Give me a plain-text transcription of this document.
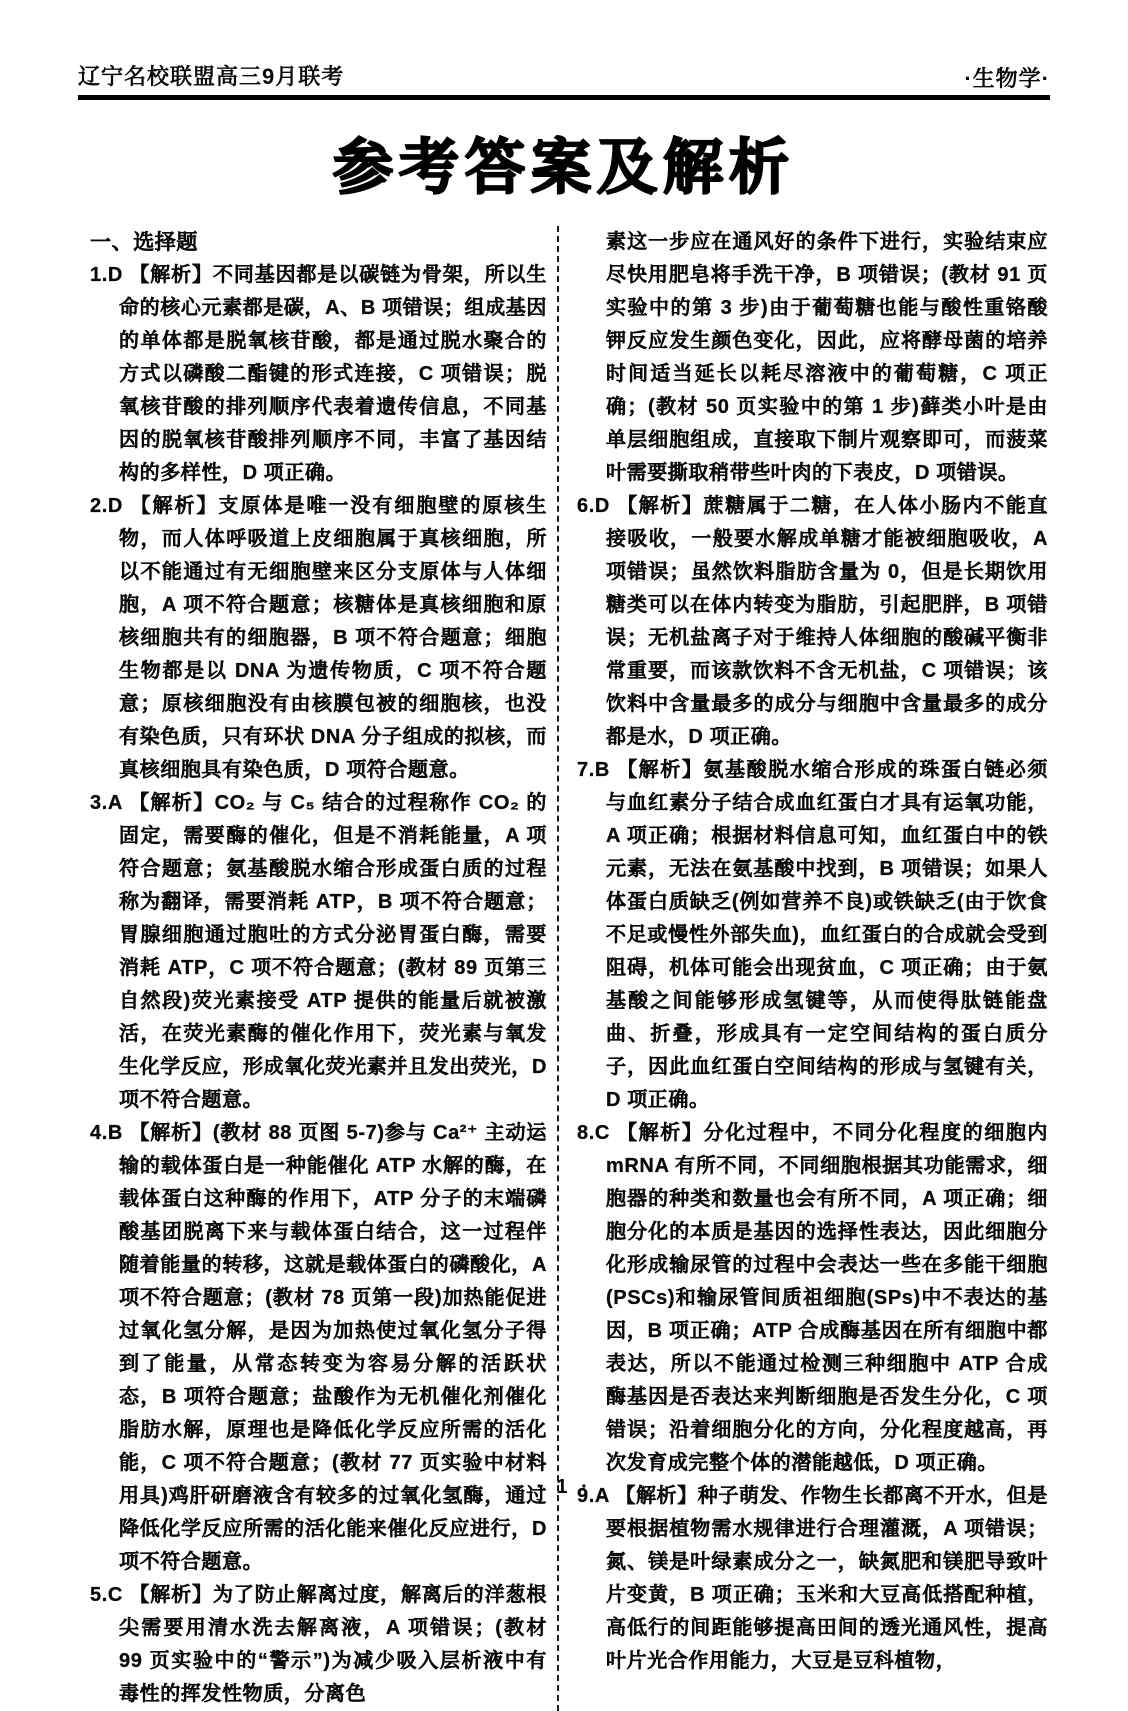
辽宁名校联盟高三9月联考	·生物学·
参考答案及解析

一、选择题

1.D 【解析】不同基因都是以碳链为骨架，所以生命的核心元素都是碳，A、B 项错误；组成基因的单体都是脱氧核苷酸，都是通过脱水聚合的方式以磷酸二酯键的形式连接，C 项错误；脱氧核苷酸的排列顺序代表着遗传信息，不同基因的脱氧核苷酸排列顺序不同，丰富了基因结构的多样性，D 项正确。

2.D 【解析】支原体是唯一没有细胞壁的原核生物，而人体呼吸道上皮细胞属于真核细胞，所以不能通过有无细胞壁来区分支原体与人体细胞，A 项不符合题意；核糖体是真核细胞和原核细胞共有的细胞器，B 项不符合题意；细胞生物都是以 DNA 为遗传物质，C 项不符合题意；原核细胞没有由核膜包被的细胞核，也没有染色质，只有环状 DNA 分子组成的拟核，而真核细胞具有染色质，D 项符合题意。

3.A 【解析】CO₂ 与 C₅ 结合的过程称作 CO₂ 的固定，需要酶的催化，但是不消耗能量，A 项符合题意；氨基酸脱水缩合形成蛋白质的过程称为翻译，需要消耗 ATP，B 项不符合题意；胃腺细胞通过胞吐的方式分泌胃蛋白酶，需要消耗 ATP，C 项不符合题意；(教材 89 页第三自然段)荧光素接受 ATP 提供的能量后就被激活，在荧光素酶的催化作用下，荧光素与氧发生化学反应，形成氧化荧光素并且发出荧光，D 项不符合题意。

4.B 【解析】(教材 88 页图 5-7)参与 Ca²⁺ 主动运输的载体蛋白是一种能催化 ATP 水解的酶，在载体蛋白这种酶的作用下，ATP 分子的末端磷酸基团脱离下来与载体蛋白结合，这一过程伴随着能量的转移，这就是载体蛋白的磷酸化，A 项不符合题意；(教材 78 页第一段)加热能促进过氧化氢分解，是因为加热使过氧化氢分子得到了能量，从常态转变为容易分解的活跃状态，B 项符合题意；盐酸作为无机催化剂催化脂肪水解，原理也是降低化学反应所需的活化能，C 项不符合题意；(教材 77 页实验中材料用具)鸡肝研磨液含有较多的过氧化氢酶，通过降低化学反应所需的活化能来催化反应进行，D 项不符合题意。

5.C 【解析】为了防止解离过度，解离后的洋葱根尖需要用清水洗去解离液，A 项错误；(教材 99 页实验中的“警示”)为减少吸入层析液中有毒性的挥发性物质，分离色

素这一步应在通风好的条件下进行，实验结束应尽快用肥皂将手洗干净，B 项错误；(教材 91 页实验中的第 3 步)由于葡萄糖也能与酸性重铬酸钾反应发生颜色变化，因此，应将酵母菌的培养时间适当延长以耗尽溶液中的葡萄糖，C 项正确；(教材 50 页实验中的第 1 步)藓类小叶是由单层细胞组成，直接取下制片观察即可，而菠菜叶需要撕取稍带些叶肉的下表皮，D 项错误。

6.D 【解析】蔗糖属于二糖，在人体小肠内不能直接吸收，一般要水解成单糖才能被细胞吸收，A 项错误；虽然饮料脂肪含量为 0，但是长期饮用糖类可以在体内转变为脂肪，引起肥胖，B 项错误；无机盐离子对于维持人体细胞的酸碱平衡非常重要，而该款饮料不含无机盐，C 项错误；该饮料中含量最多的成分与细胞中含量最多的成分都是水，D 项正确。

7.B 【解析】氨基酸脱水缩合形成的珠蛋白链必须与血红素分子结合成血红蛋白才具有运氧功能，A 项正确；根据材料信息可知，血红蛋白中的铁元素，无法在氨基酸中找到，B 项错误；如果人体蛋白质缺乏(例如营养不良)或铁缺乏(由于饮食不足或慢性外部失血)，血红蛋白的合成就会受到阻碍，机体可能会出现贫血，C 项正确；由于氨基酸之间能够形成氢键等，从而使得肽链能盘曲、折叠，形成具有一定空间结构的蛋白质分子，因此血红蛋白空间结构的形成与氢键有关，D 项正确。

8.C 【解析】分化过程中，不同分化程度的细胞内 mRNA 有所不同，不同细胞根据其功能需求，细胞器的种类和数量也会有所不同，A 项正确；细胞分化的本质是基因的选择性表达，因此细胞分化形成输尿管的过程中会表达一些在多能干细胞(PSCs)和输尿管间质祖细胞(SPs)中不表达的基因，B 项正确；ATP 合成酶基因在所有细胞中都表达，所以不能通过检测三种细胞中 ATP 合成酶基因是否表达来判断细胞是否发生分化，C 项错误；沿着细胞分化的方向，分化程度越高，再次发育成完整个体的潜能越低，D 项正确。

9.A 【解析】种子萌发、作物生长都离不开水，但是要根据植物需水规律进行合理灌溉，A 项错误；氮、镁是叶绿素成分之一，缺氮肥和镁肥导致叶片变黄，B 项正确；玉米和大豆高低搭配种植，高低行的间距能够提高田间的透光通风性，提高叶片光合作用能力，大豆是豆科植物，

· 1 ·
